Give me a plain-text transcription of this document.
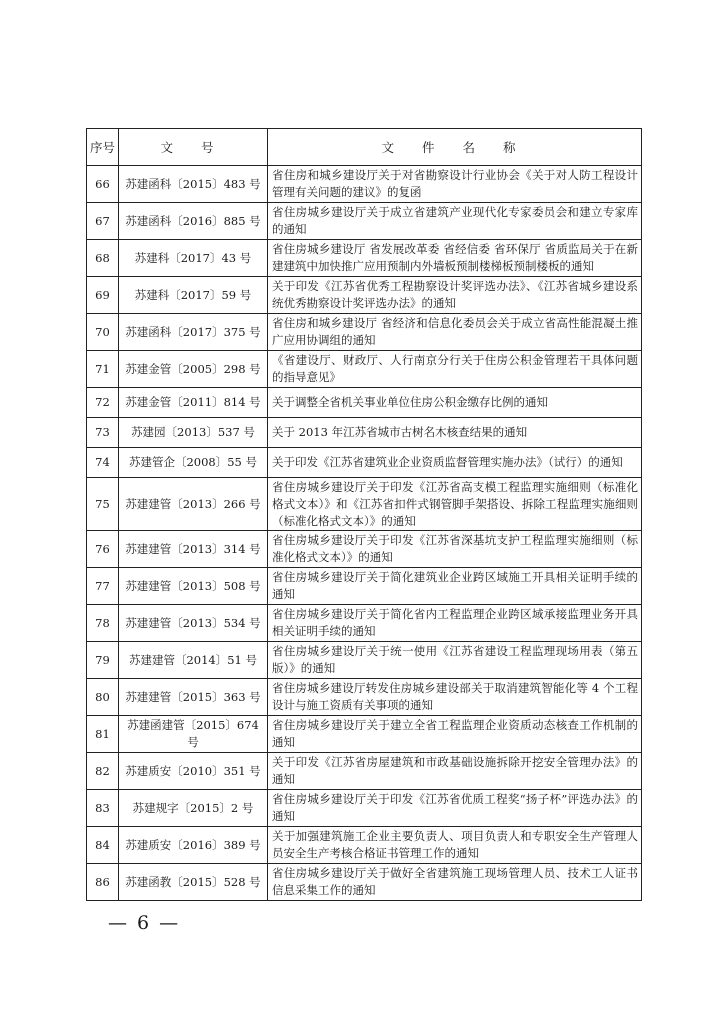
序号	文 号	文 件 名 称
66	苏建函科〔2015〕483 号	省住房和城乡建设厅关于对省勘察设计行业协会《关于对人防工程设计管理有关问题的建议》的复函
67	苏建函科〔2016〕885 号	省住房城乡建设厅关于成立省建筑产业现代化专家委员会和建立专家库的通知
68	苏建科〔2017〕43 号	省住房城乡建设厅 省发展改革委 省经信委 省环保厅 省质监局关于在新建建筑中加快推广应用预制内外墙板预制楼梯板预制楼板的通知
69	苏建科〔2017〕59 号	关于印发《江苏省优秀工程勘察设计奖评选办法》、《江苏省城乡建设系统优秀勘察设计奖评选办法》的通知
70	苏建函科〔2017〕375 号	省住房和城乡建设厅 省经济和信息化委员会关于成立省高性能混凝土推广应用协调组的通知
71	苏建金管〔2005〕298 号	《省建设厅、财政厅、人行南京分行关于住房公积金管理若干具体问题的指导意见》
72	苏建金管〔2011〕814 号	关于调整全省机关事业单位住房公积金缴存比例的通知
73	苏建园〔2013〕537 号	关于 2013 年江苏省城市古树名木核查结果的通知
74	苏建管企〔2008〕55 号	关于印发《江苏省建筑业企业资质监督管理实施办法》（试行）的通知
75	苏建建管〔2013〕266 号	省住房城乡建设厅关于印发《江苏省高支模工程监理实施细则（标准化格式文本）》和《江苏省扣件式钢管脚手架搭设、拆除工程监理实施细则（标准化格式文本）》的通知
76	苏建建管〔2013〕314 号	省住房城乡建设厅关于印发《江苏省深基坑支护工程监理实施细则（标准化格式文本）》的通知
77	苏建建管〔2013〕508 号	省住房城乡建设厅关于简化建筑业企业跨区域施工开具相关证明手续的通知
78	苏建建管〔2013〕534 号	省住房城乡建设厅关于简化省内工程监理企业跨区域承接监理业务开具相关证明手续的通知
79	苏建建管〔2014〕51 号	省住房城乡建设厅关于统一使用《江苏省建设工程监理现场用表（第五版）》的通知
80	苏建建管〔2015〕363 号	省住房城乡建设厅转发住房城乡建设部关于取消建筑智能化等 4 个工程设计与施工资质有关事项的通知
81	苏建函建管〔2015〕674 号	省住房城乡建设厅关于建立全省工程监理企业资质动态核查工作机制的通知
82	苏建质安〔2010〕351 号	关于印发《江苏省房屋建筑和市政基础设施拆除开挖安全管理办法》的通知
83	苏建规字〔2015〕2 号	省住房城乡建设厅关于印发《江苏省优质工程奖“扬子杯”评选办法》的通知
84	苏建质安〔2016〕389 号	关于加强建筑施工企业主要负责人、项目负责人和专职安全生产管理人员安全生产考核合格证书管理工作的通知
86	苏建函教〔2015〕528 号	省住房城乡建设厅关于做好全省建筑施工现场管理人员、技术工人证书信息采集工作的通知
— 6 —
